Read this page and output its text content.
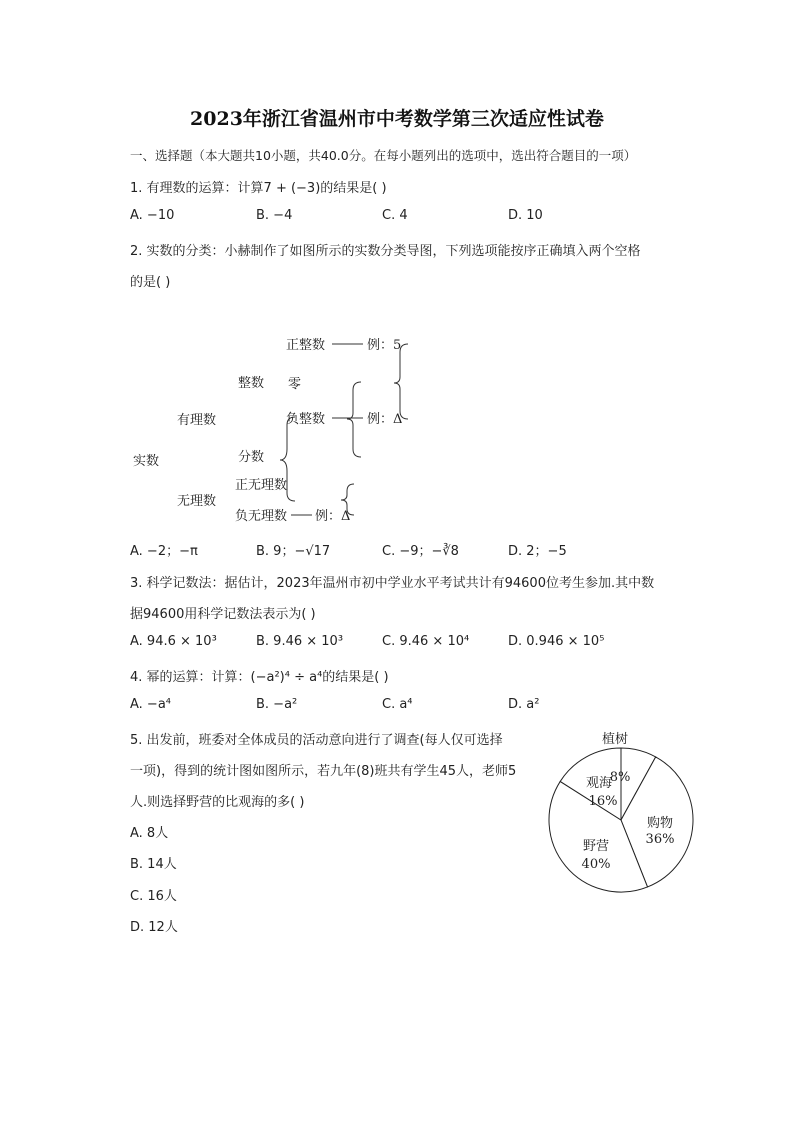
2023年浙江省温州市中考数学第三次适应性试卷
一、选择题（本大题共10小题，共40.0分。在每小题列出的选项中，选出符合题目的一项）
1. 有理数的运算：计算7 + (−3)的结果是( )
A. −10	B. −4	C. 4	D. 10
2. 实数的分类：小赫制作了如图所示的实数分类导图，下列选项能按序正确填入两个空格
的是( )
实数
有理数
整数
正整数	例：5
零
负整数	例：Δ
分数
无理数
正无理数
负无理数 例：Δ
A. −2；−π	B. 9；−√17	C. −9；−∛8	D. 2；−5
3. 科学记数法：据估计，2023年温州市初中学业水平考试共计有94600位考生参加.其中数
据94600用科学记数法表示为( )
A. 94.6 × 10³	B. 9.46 × 10³	C. 9.46 × 10⁴	D. 0.946 × 10⁵
4. 幂的运算：计算：(−a²)⁴ ÷ a⁴的结果是( )
A. −a⁴	B. −a²	C. a⁴	D. a²
5. 出发前，班委对全体成员的活动意向进行了调查(每人仅可选择
一项)，得到的统计图如图所示，若九年(8)班共有学生45人，老师5
人.则选择野营的比观海的多( )
A. 8人
B. 14人
C. 16人
D. 12人
植树
8%
购物
36%
野营
40%
观海
16%
